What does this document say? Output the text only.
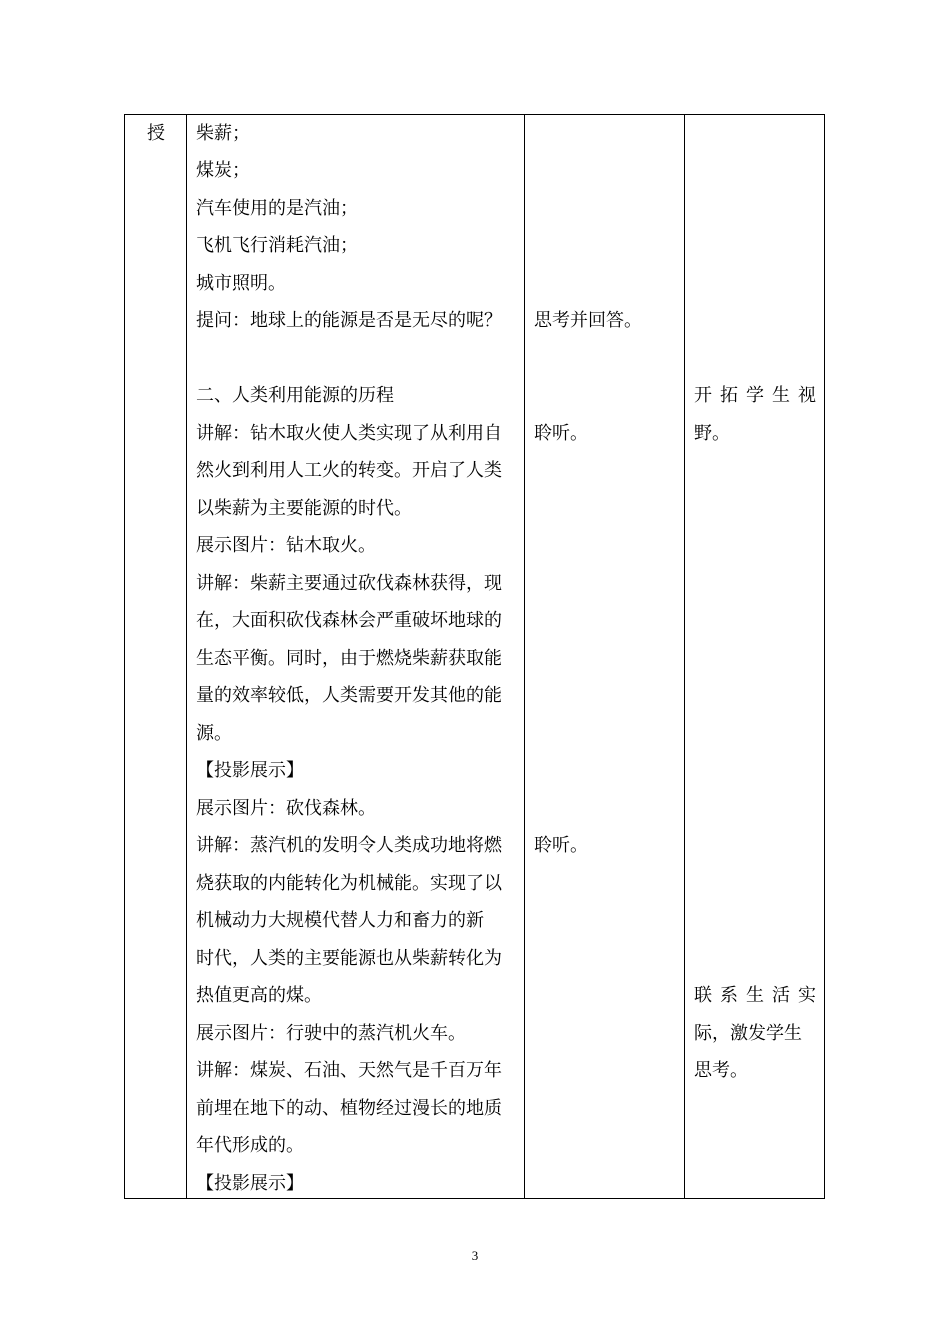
授 柴薪；
煤炭；
汽车使用的是汽油；
飞机飞行消耗汽油；
城市照明。
提问：地球上的能源是否是无尽的呢？
二、人类利用能源的历程
讲解：钻木取火使人类实现了从利用自
然火到利用人工火的转变。开启了人类
以柴薪为主要能源的时代。
展示图片：钻木取火。
讲解：柴薪主要通过砍伐森林获得，现
在，大面积砍伐森林会严重破坏地球的
生态平衡。同时，由于燃烧柴薪获取能
量的效率较低，人类需要开发其他的能
源。
【投影展示】
展示图片：砍伐森林。
讲解：蒸汽机的发明令人类成功地将燃
烧获取的内能转化为机械能。实现了以
机械动力大规模代替人力和畜力的新
时代，人类的主要能源也从柴薪转化为
热值更高的煤。
展示图片：行驶中的蒸汽机火车。
讲解：煤炭、石油、天然气是千百万年
前埋在地下的动、植物经过漫长的地质
年代形成的。
【投影展示】
思考并回答。
聆听。
聆听。
开 拓 学 生 视
野。
联 系 生 活 实
际，激发学生
思考。
3
